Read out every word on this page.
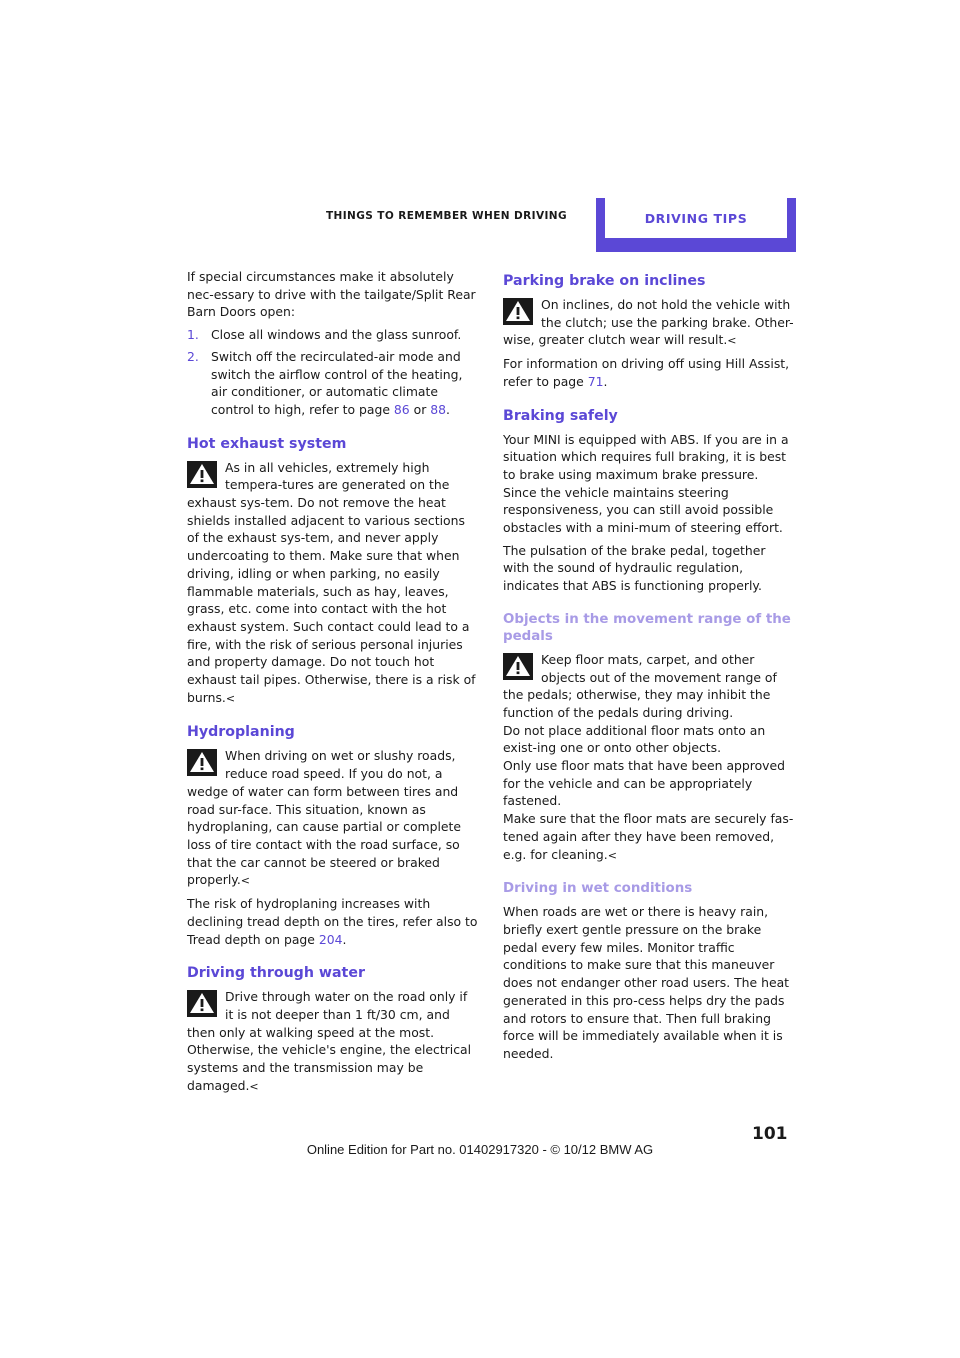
THINGS TO REMEMBER WHEN DRIVING	DRIVING TIPS

If special circumstances make it absolutely nec-essary to drive with the tailgate/Split Rear Barn Doors open:

1. Close all windows and the glass sunroof.
2. Switch off the recirculated-air mode and switch the airflow control of the heating, air conditioner, or automatic climate control to high, refer to page 86 or 88.
Hot exhaust system
As in all vehicles, extremely high tempera-tures are generated on the exhaust sys-tem. Do not remove the heat shields installed adjacent to various sections of the exhaust sys-tem, and never apply undercoating to them. Make sure that when driving, idling or when parking, no easily flammable materials, such as hay, leaves, grass, etc. come into contact with the hot exhaust system. Such contact could lead to a fire, with the risk of serious personal injuries and property damage. Do not touch hot exhaust tail pipes. Otherwise, there is a risk of burns.<
Hydroplaning
When driving on wet or slushy roads, reduce road speed. If you do not, a wedge of water can form between tires and road sur-face. This situation, known as hydroplaning, can cause partial or complete loss of tire contact with the road surface, so that the car cannot be steered or braked properly.<

The risk of hydroplaning increases with declining tread depth on the tires, refer also to Tread depth on page 204.

Driving through water
Drive through water on the road only if it is not deeper than 1 ft/30 cm, and then only at walking speed at the most. Otherwise, the vehicle's engine, the electrical systems and the transmission may be damaged.<
Parking brake on inclines
On inclines, do not hold the vehicle with the clutch; use the parking brake. Other-wise, greater clutch wear will result.<

For information on driving off using Hill Assist, refer to page 71.

Braking safely

Your MINI is equipped with ABS. If you are in a situation which requires full braking, it is best to brake using maximum brake pressure. Since the vehicle maintains steering responsiveness, you can still avoid possible obstacles with a mini-mum of steering effort.

The pulsation of the brake pedal, together with the sound of hydraulic regulation, indicates that ABS is functioning properly.

Objects in the movement range of the pedals
Keep floor mats, carpet, and other objects out of the movement range of the pedals; otherwise, they may inhibit the function of the pedals during driving.
Do not place additional floor mats onto an exist-ing one or onto other objects.
Only use floor mats that have been approved for the vehicle and can be appropriately fastened.
Make sure that the floor mats are securely fas-tened again after they have been removed, e.g. for cleaning.<
Driving in wet conditions

When roads are wet or there is heavy rain, briefly exert gentle pressure on the brake pedal every few miles. Monitor traffic conditions to make sure that this maneuver does not endanger other road users. The heat generated in this pro-cess helps dry the pads and rotors to ensure that. Then full braking force will be immediately available when it is needed.

101
Online Edition for Part no. 01402917320 - © 10/12 BMW AG
